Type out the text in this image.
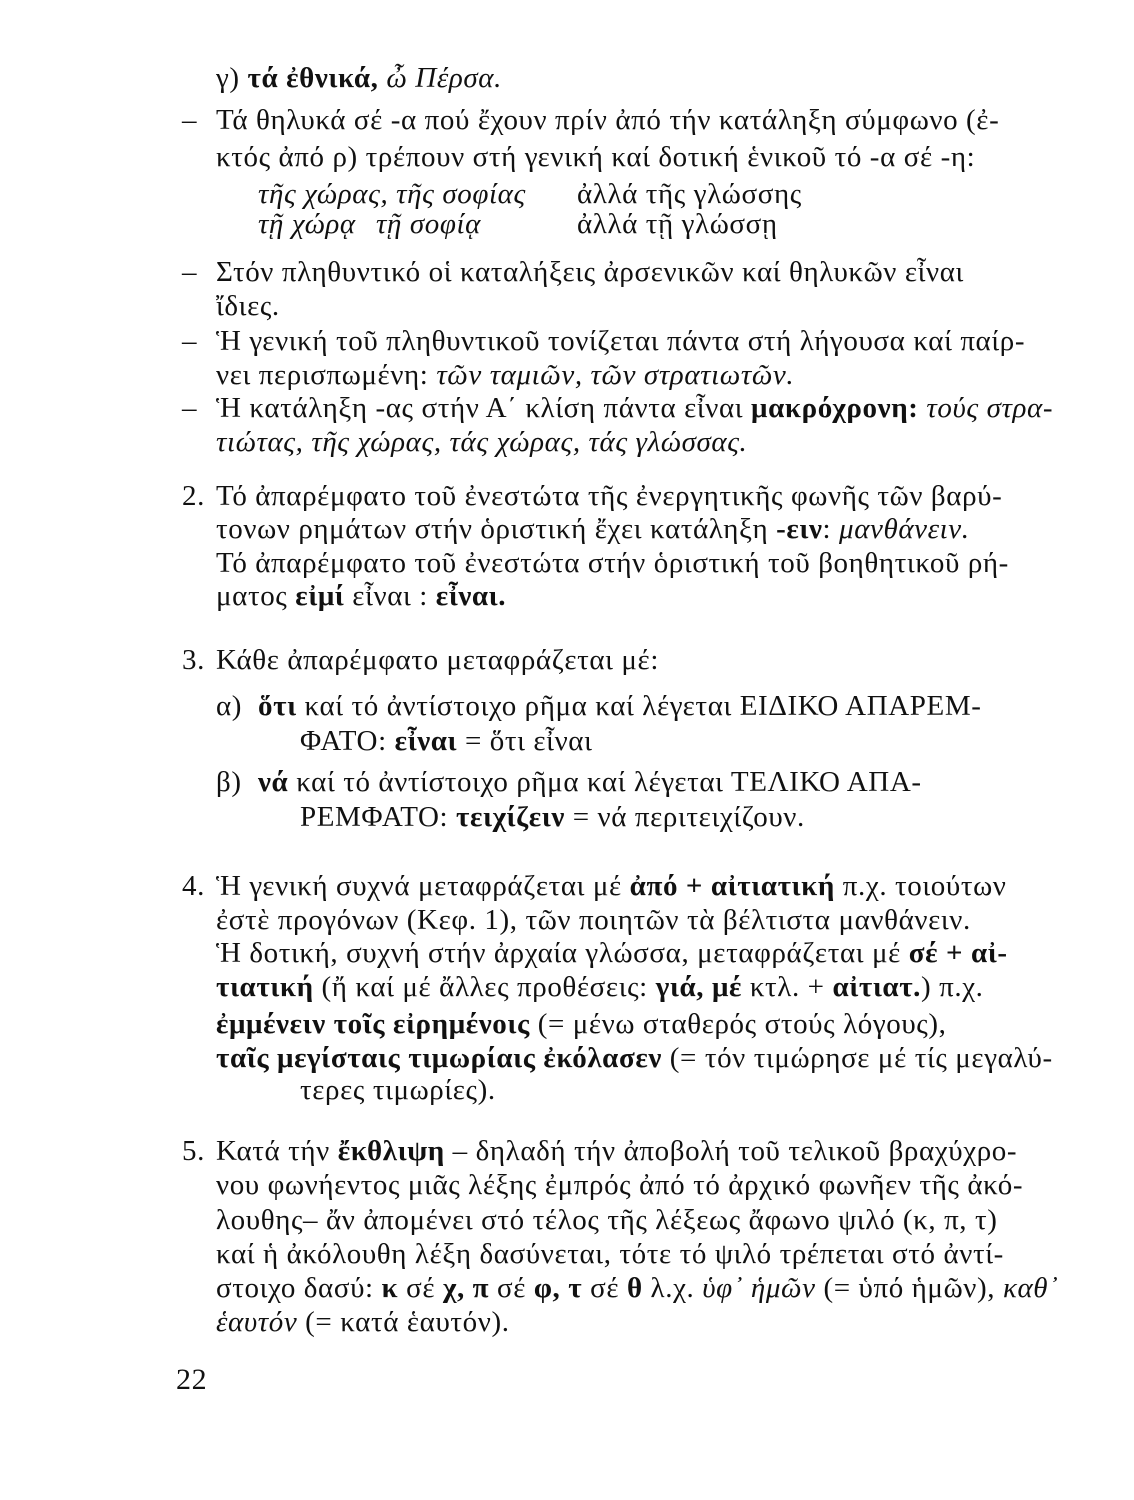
γ) τά ἐθνικά, ὦ Πέρσα.
– Τά θηλυκά σέ -α πού ἔχουν πρίν ἀπό τήν κατάληξη σύμφωνο (ἐ-
κτός ἀπό ρ) τρέπουν στή γενική καί δοτική ἑνικοῦ τό -α σέ -η:
τῆς χώρας, τῆς σοφίας ἀλλά τῆς γλώσσης
τῇ χώρᾳ τῇ σοφίᾳ	ἀλλά τῇ γλώσσῃ
– Στόν πληθυντικό οἱ καταλήξεις ἀρσενικῶν καί θηλυκῶν εἶναι
ἴδιες.
– Ἡ γενική τοῦ πληθυντικοῦ τονίζεται πάντα στή λήγουσα καί παίρ-
νει περισπωμένη: τῶν ταμιῶν, τῶν στρατιωτῶν.
– Ἡ κατάληξη -ας στήν Α΄ κλίση πάντα εἶναι μακρόχρονη: τούς στρα-
τιώτας, τῆς χώρας, τάς χώρας, τάς γλώσσας.
2. Τό ἀπαρέμφατο τοῦ ἐνεστώτα τῆς ἐνεργητικῆς φωνῆς τῶν βαρύ-
τονων ρημάτων στήν ὁριστική ἔχει κατάληξη -ειν: μανθάνειν.
Τό ἀπαρέμφατο τοῦ ἐνεστώτα στήν ὁριστική τοῦ βοηθητικοῦ ρή-
ματος εἰμί εἶναι : εἶναι.
3. Κάθε ἀπαρέμφατο μεταφράζεται μέ:
α) ὅτι καί τό ἀντίστοιχο ρῆμα καί λέγεται ΕΙΔΙΚΟ ΑΠΑΡΕΜ-
ΦΑΤΟ: εἶναι = ὅτι εἶναι
β) νά καί τό ἀντίστοιχο ρῆμα καί λέγεται ΤΕΛΙΚΟ ΑΠΑ-
ΡΕΜΦΑΤΟ: τειχίζειν = νά περιτειχίζουν.
4. Ἡ γενική συχνά μεταφράζεται μέ ἀπό + αἰτιατική π.χ. τοιούτων
ἐστὲ προγόνων (Κεφ. 1), τῶν ποιητῶν τὰ βέλτιστα μανθάνειν.
Ἡ δοτική, συχνή στήν ἀρχαία γλώσσα, μεταφράζεται μέ σέ + αἰ-
τιατική (ἤ καί μέ ἄλλες προθέσεις: γιά, μέ κτλ. + αἰτιατ.) π.χ.
ἐμμένειν τοῖς εἰρημένοις (= μένω σταθερός στούς λόγους),
ταῖς μεγίσταις τιμωρίαις ἐκόλασεν (= τόν τιμώρησε μέ τίς μεγαλύ-
τερες τιμωρίες).
5. Κατά τήν ἔκθλιψη – δηλαδή τήν ἀποβολή τοῦ τελικοῦ βραχύχρο-
νου φωνήεντος μιᾶς λέξης ἐμπρός ἀπό τό ἀρχικό φωνῆεν τῆς ἀκό-
λουθης– ἄν ἀπομένει στό τέλος τῆς λέξεως ἄφωνο ψιλό (κ, π, τ)
καί ἡ ἀκόλουθη λέξη δασύνεται, τότε τό ψιλό τρέπεται στό ἀντί-
στοιχο δασύ: κ σέ χ, π σέ φ, τ σέ θ λ.χ. ὑφ᾽ ἡμῶν (= ὑπό ἡμῶν), καθ᾽
ἑαυτόν (= κατά ἑαυτόν).
22
